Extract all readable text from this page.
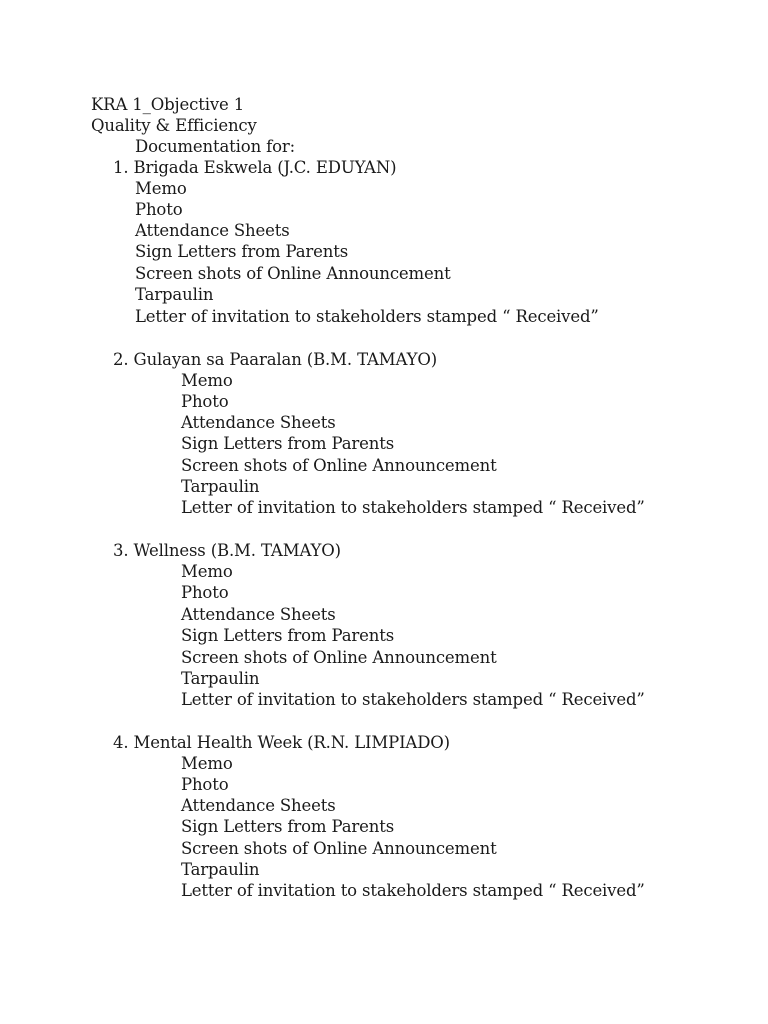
KRA 1_Objective 1
Quality & Efficiency
Documentation for:
1. Brigada Eskwela (J.C. EDUYAN)
Memo
Photo
Attendance Sheets
Sign Letters from Parents
Screen shots of Online Announcement
Tarpaulin
Letter of invitation to stakeholders stamped “ Received”
2. Gulayan sa Paaralan (B.M. TAMAYO)
Memo
Photo
Attendance Sheets
Sign Letters from Parents
Screen shots of Online Announcement
Tarpaulin
Letter of invitation to stakeholders stamped “ Received”
3. Wellness (B.M. TAMAYO)
Memo
Photo
Attendance Sheets
Sign Letters from Parents
Screen shots of Online Announcement
Tarpaulin
Letter of invitation to stakeholders stamped “ Received”
4. Mental Health Week (R.N. LIMPIADO)
Memo
Photo
Attendance Sheets
Sign Letters from Parents
Screen shots of Online Announcement
Tarpaulin
Letter of invitation to stakeholders stamped “ Received”
